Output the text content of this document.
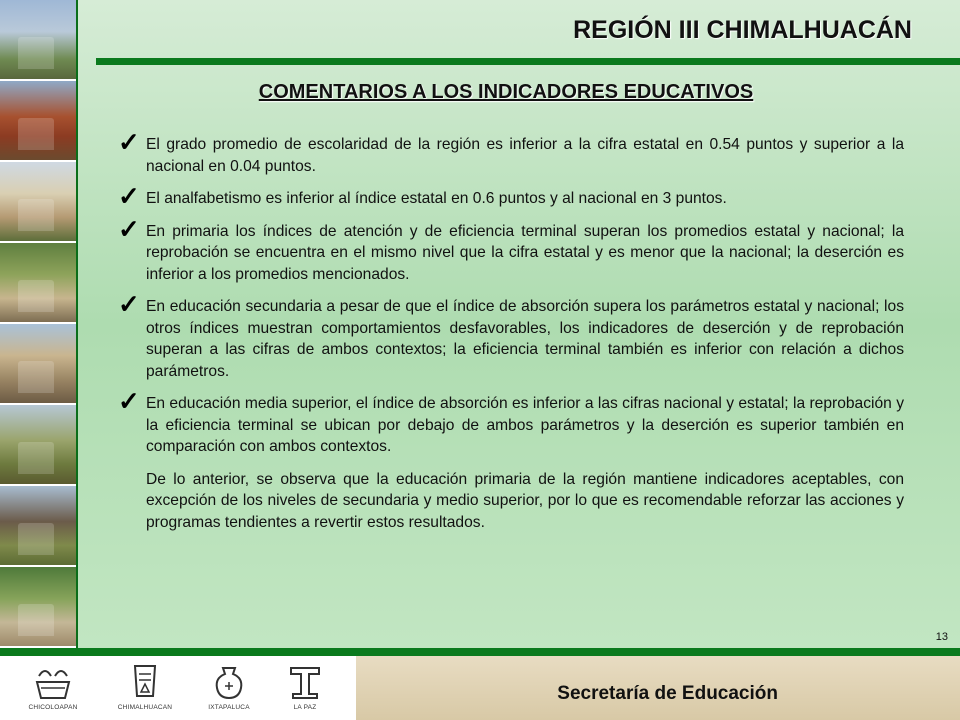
REGIÓN III CHIMALHUACÁN
COMENTARIOS A LOS INDICADORES EDUCATIVOS
✓ El grado promedio de escolaridad de la región es inferior a la cifra estatal en 0.54 puntos y superior a la nacional en 0.04 puntos.
✓ El analfabetismo es inferior al índice estatal en 0.6 puntos y al nacional en 3 puntos.
✓ En primaria los índices de atención y de eficiencia terminal superan los promedios estatal y nacional; la reprobación se encuentra en el mismo nivel que la cifra estatal y es menor que la nacional; la deserción es inferior a los promedios mencionados.
✓ En educación secundaria a pesar de que el índice de absorción supera los parámetros estatal y nacional; los otros índices muestran comportamientos desfavorables, los indicadores de deserción y de reprobación superan a las cifras de ambos contextos; la eficiencia terminal también es inferior con relación a dichos parámetros.
✓ En educación media superior, el índice de absorción es inferior a las cifras nacional y estatal; la reprobación y la eficiencia terminal se ubican por debajo de ambos parámetros y la deserción es superior también en comparación con ambos contextos.
De lo anterior, se observa que la educación primaria de la región mantiene indicadores aceptables, con excepción de los niveles de secundaria y medio superior, por lo que es recomendable reforzar las acciones y programas tendientes a revertir estos resultados.
13
Secretaría de Educación
CHICOLOAPAN	CHIMALHUACAN	IXTAPALUCA	LA PAZ
